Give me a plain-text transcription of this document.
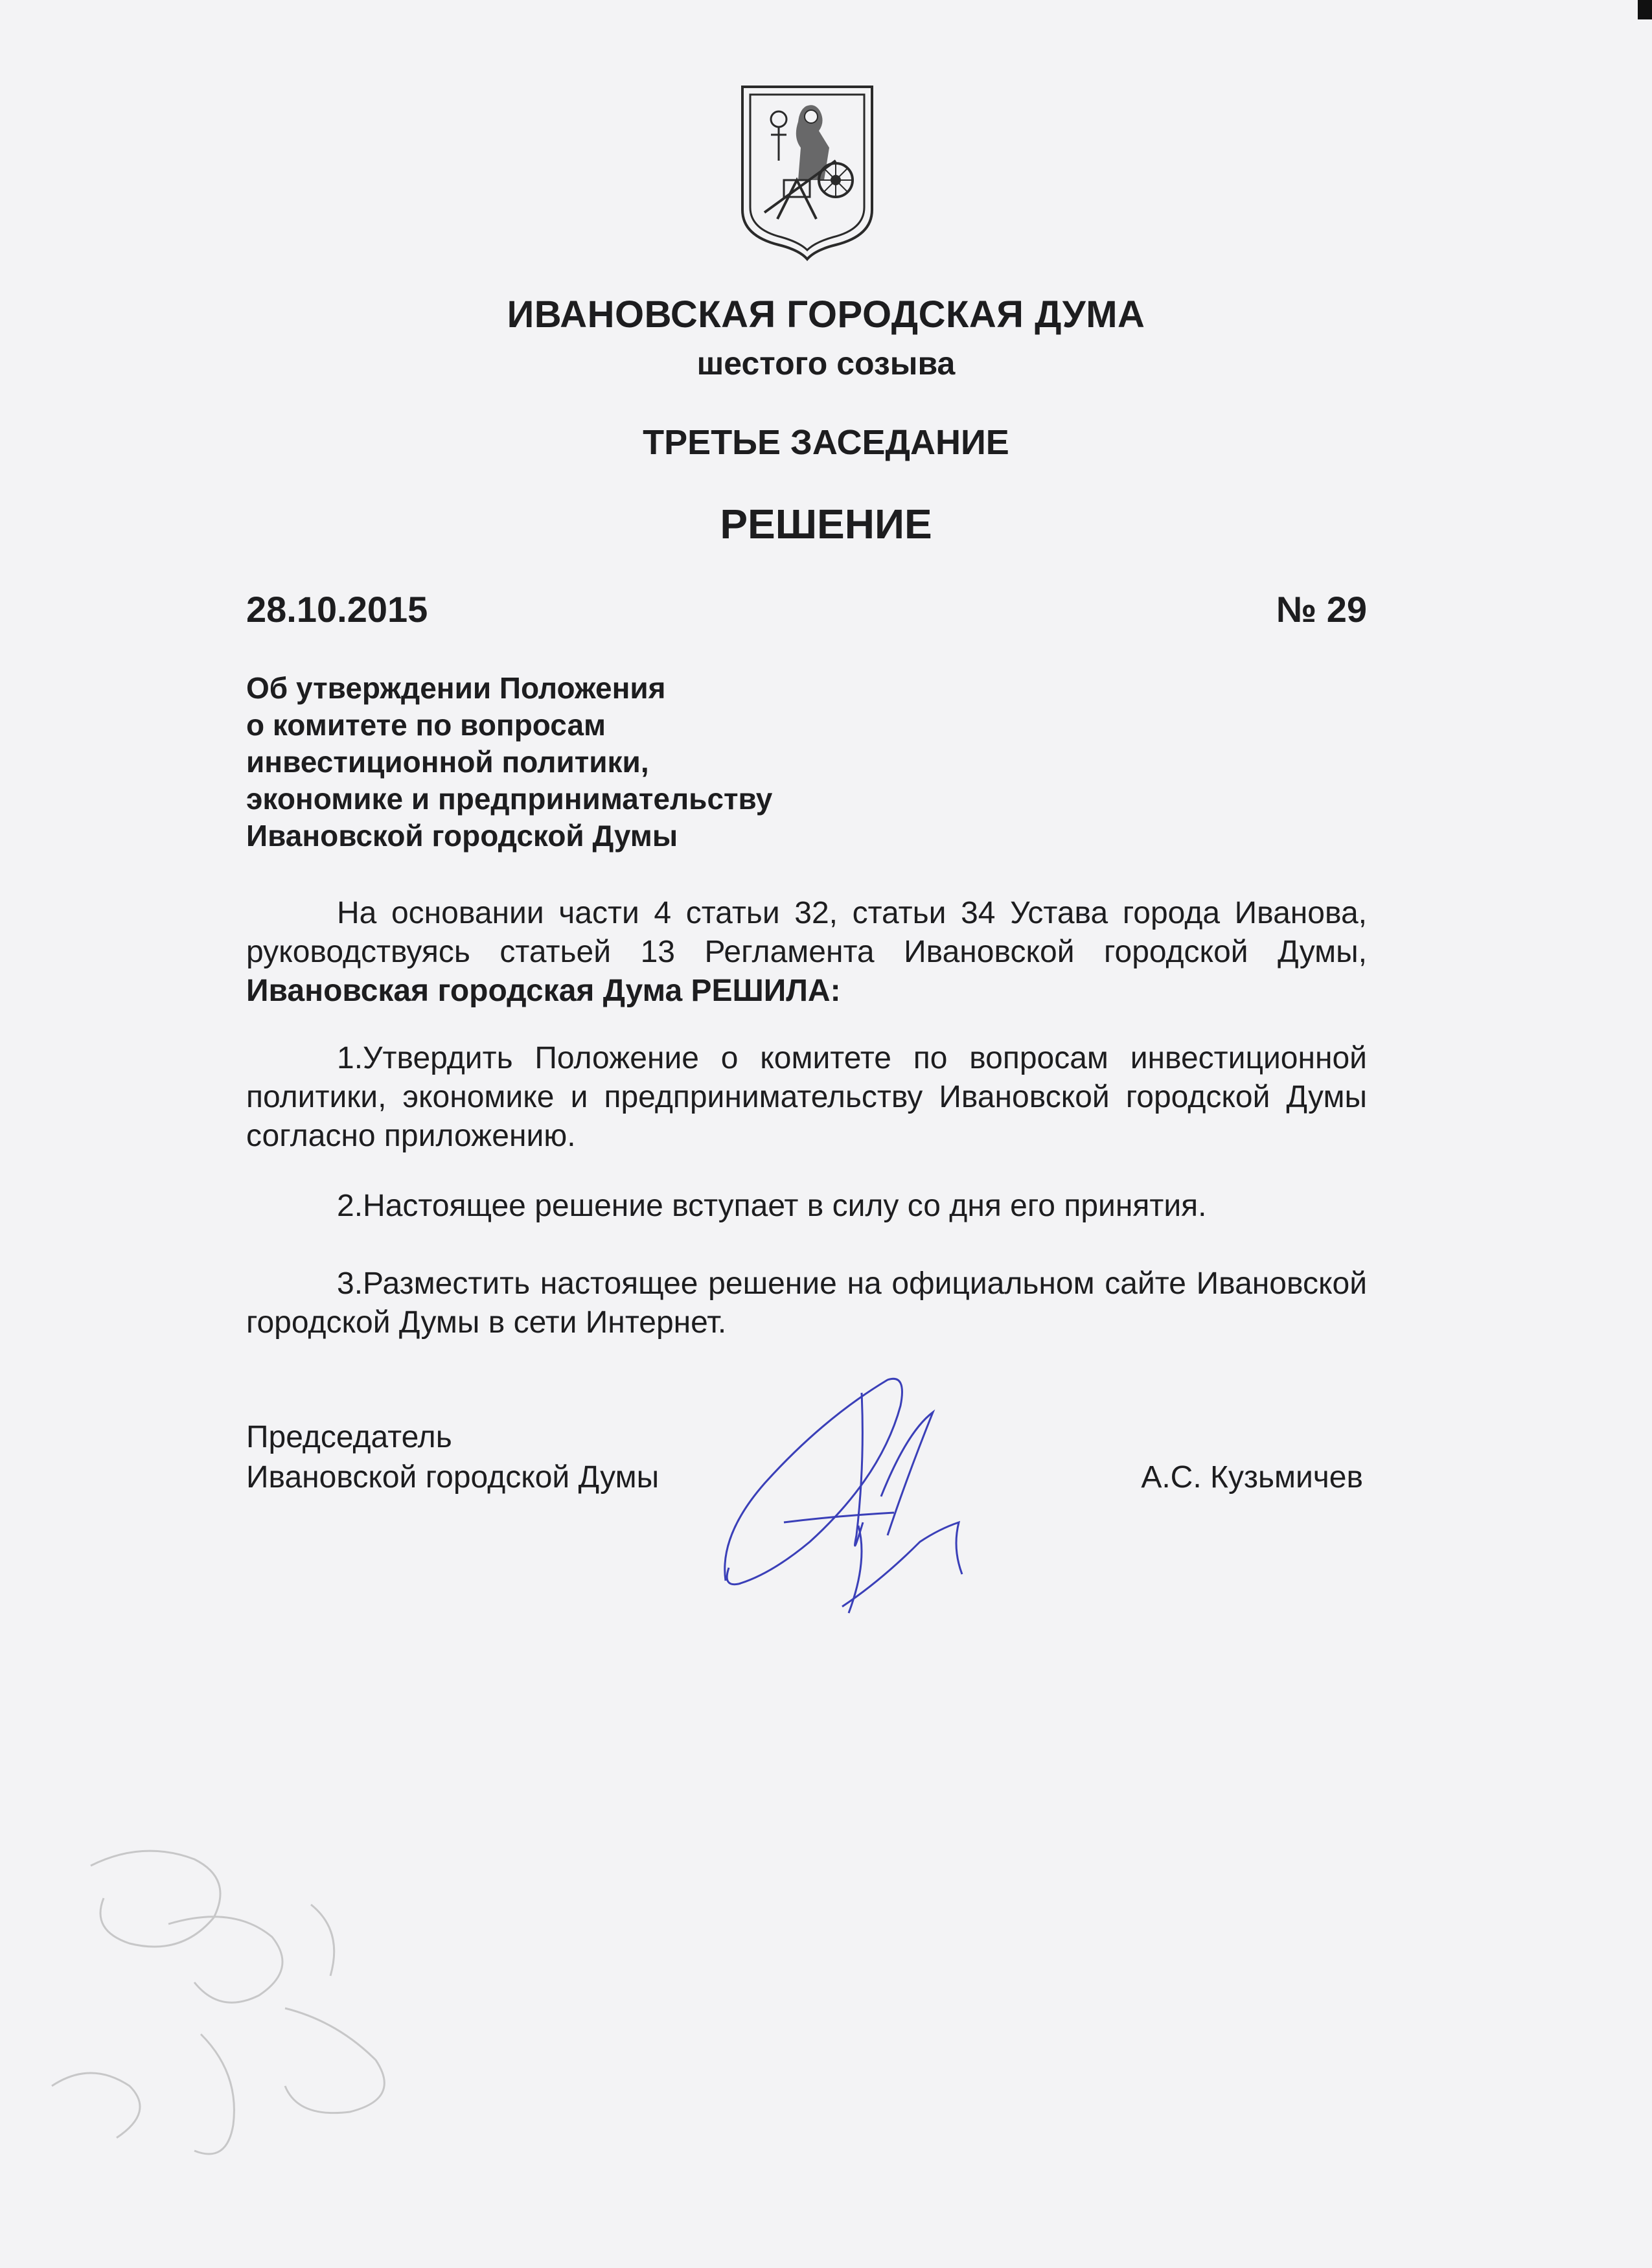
ИВАНОВСКАЯ ГОРОДСКАЯ ДУМА
шестого созыва
ТРЕТЬЕ ЗАСЕДАНИЕ
РЕШЕНИЕ
28.10.2015	№ 29
Об утверждении Положения
о комитете по вопросам
инвестиционной политики,
экономике и предпринимательству
Ивановской городской Думы
На основании части 4 статьи 32, статьи 34 Устава города Иванова, руководствуясь статьей 13 Регламента Ивановской городской Думы, Ивановская городская Дума РЕШИЛА:
1.Утвердить Положение о комитете по вопросам инвестиционной политики, экономике и предпринимательству Ивановской городской Думы согласно приложению.
2.Настоящее решение вступает в силу со дня его принятия.
3.Разместить настоящее решение на официальном сайте Ивановской городской Думы в сети Интернет.
Председатель
Ивановской городской Думы	А.С. Кузьмичев
